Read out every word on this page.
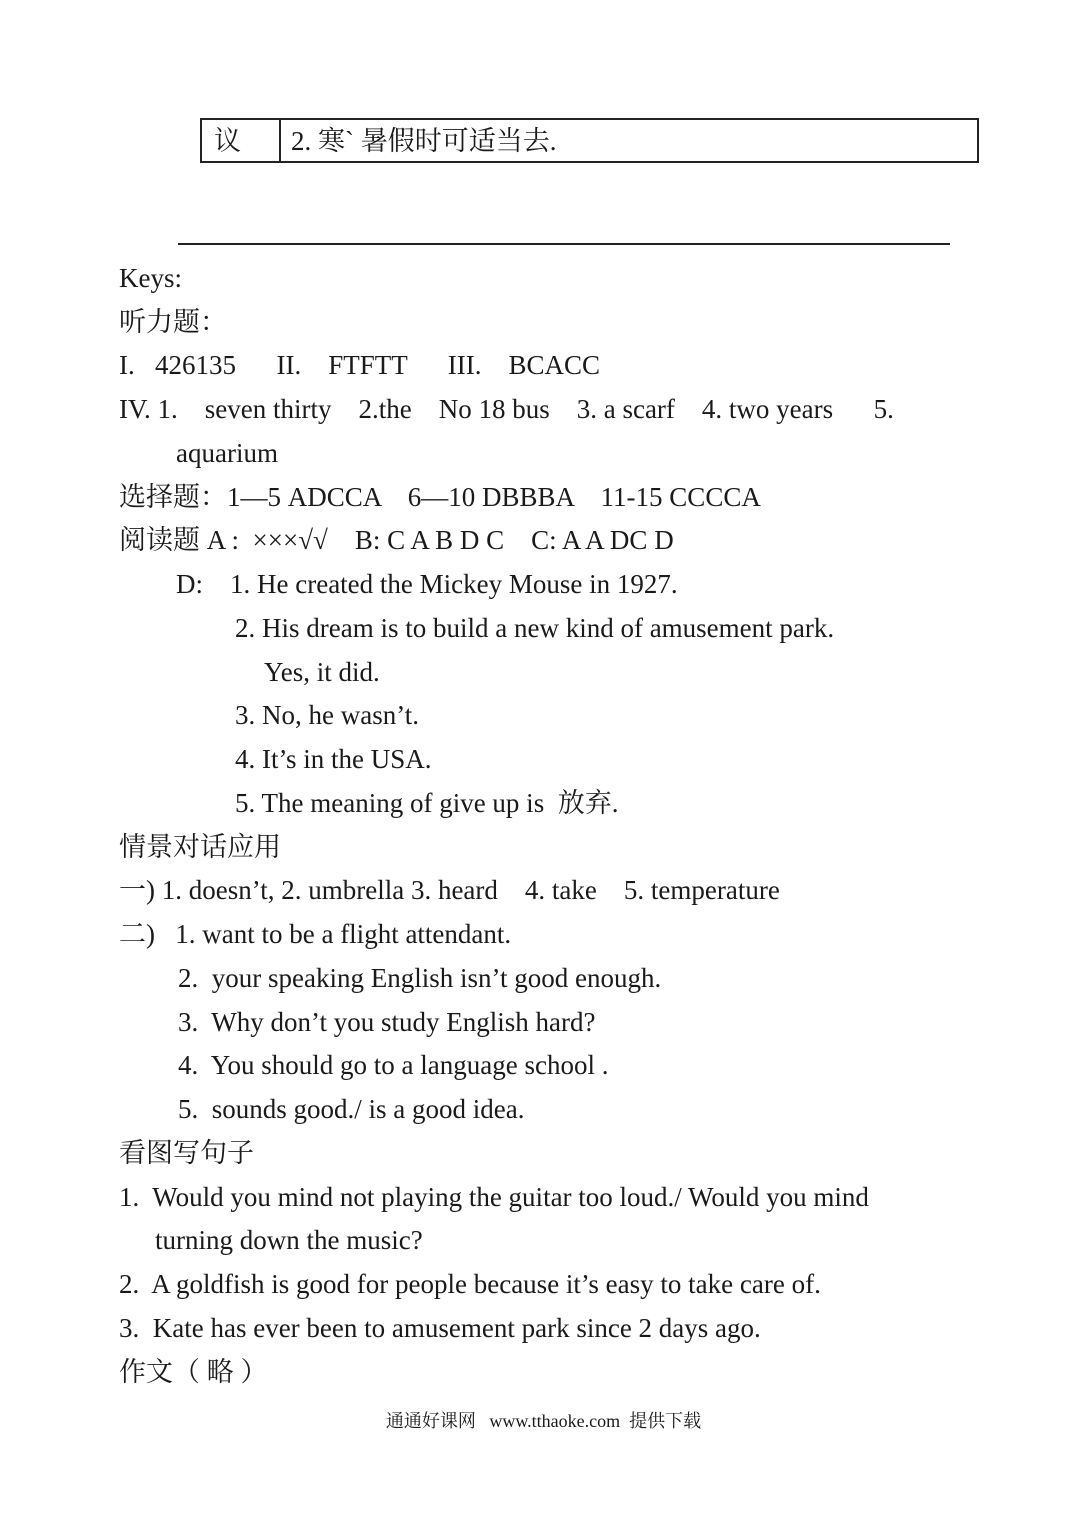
议	2. 寒` 暑假时可适当去.
Keys:
听力题：
I.   426135      II.    FTFTT      III.    BCACC
IV. 1.    seven thirty    2.the    No 18 bus    3. a scarf    4. two years      5.
aquarium
选择题：1—5 ADCCA    6—10 DBBBA    11-15 CCCCA
阅读题 A :  ×××√√    B: C A B D C    C: A A DC D
D:    1. He created the Mickey Mouse in 1927.
2. His dream is to build a new kind of amusement park.
Yes, it did.
3. No, he wasn’t.
4. It’s in the USA.
5. The meaning of give up is  放弃.
情景对话应用
一) 1. doesn’t, 2. umbrella 3. heard    4. take    5. temperature
二)   1. want to be a flight attendant.
2.  your speaking English isn’t good enough.
3.  Why don’t you study English hard?
4.  You should go to a language school .
5.  sounds good./ is a good idea.
看图写句子
1.  Would you mind not playing the guitar too loud./ Would you mind
turning down the music?
2.  A goldfish is good for people because it’s easy to take care of.
3.  Kate has ever been to amusement park since 2 days ago.
作文（ 略 ）
通通好课网   www.tthaoke.com  提供下载
